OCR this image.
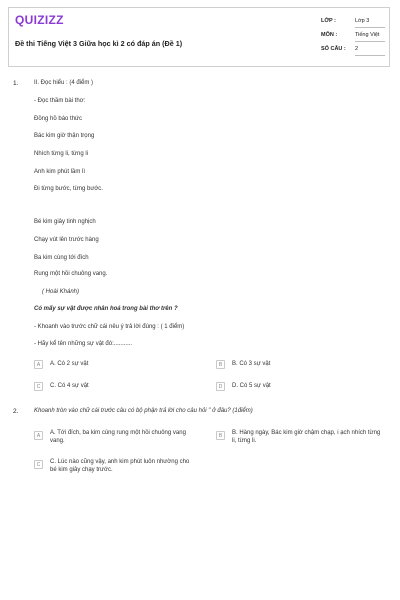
QUIZIZZ
Đề thi Tiếng Việt 3 Giữa học kì 2 có đáp án (Đề 1)
LỚP :	Lớp 3
MÔN :	Tiếng Việt
SỐ CÂU :	2
1.	II. Đọc hiểu : (4 điểm )
- Đọc thầm bài thơ:
Đồng hồ báo thức
Bác kim giờ thận trọng
Nhích từng li, từng li
Anh kim phút lầm lì
Đi từng bước, từng bước.
Bé kim giây tinh nghịch
Chạy vút lên trước hàng
Ba kim cùng tới đích
Rung một hồi chuông vang.
( Hoài Khánh)
Có mấy sự vật được nhân hoá trong bài thơ trên ?
- Khoanh vào trước chữ cái nêu ý trả lời đúng : ( 1 điểm)
- Hãy kể tên những sự vật đó:...........
A	A. Có 2 sự vật	B	B. Có 3 sự vật
C	C. Có 4 sự vật	D	D. Có 5 sự vật
2.	Khoanh tròn vào chữ cái trước câu có bộ phận trả lời cho câu hỏi " ở đâu? (1điểm)
A	A. Tới đích, ba kim cùng rung một hồi chuông vang vang.
B	B. Hàng ngày, Bác kim giờ chậm chạp, i ạch nhích từng li, từng li.
C	C. Lúc nào cũng vậy, anh kim phút luôn nhường cho bé kim giây chạy trước.
